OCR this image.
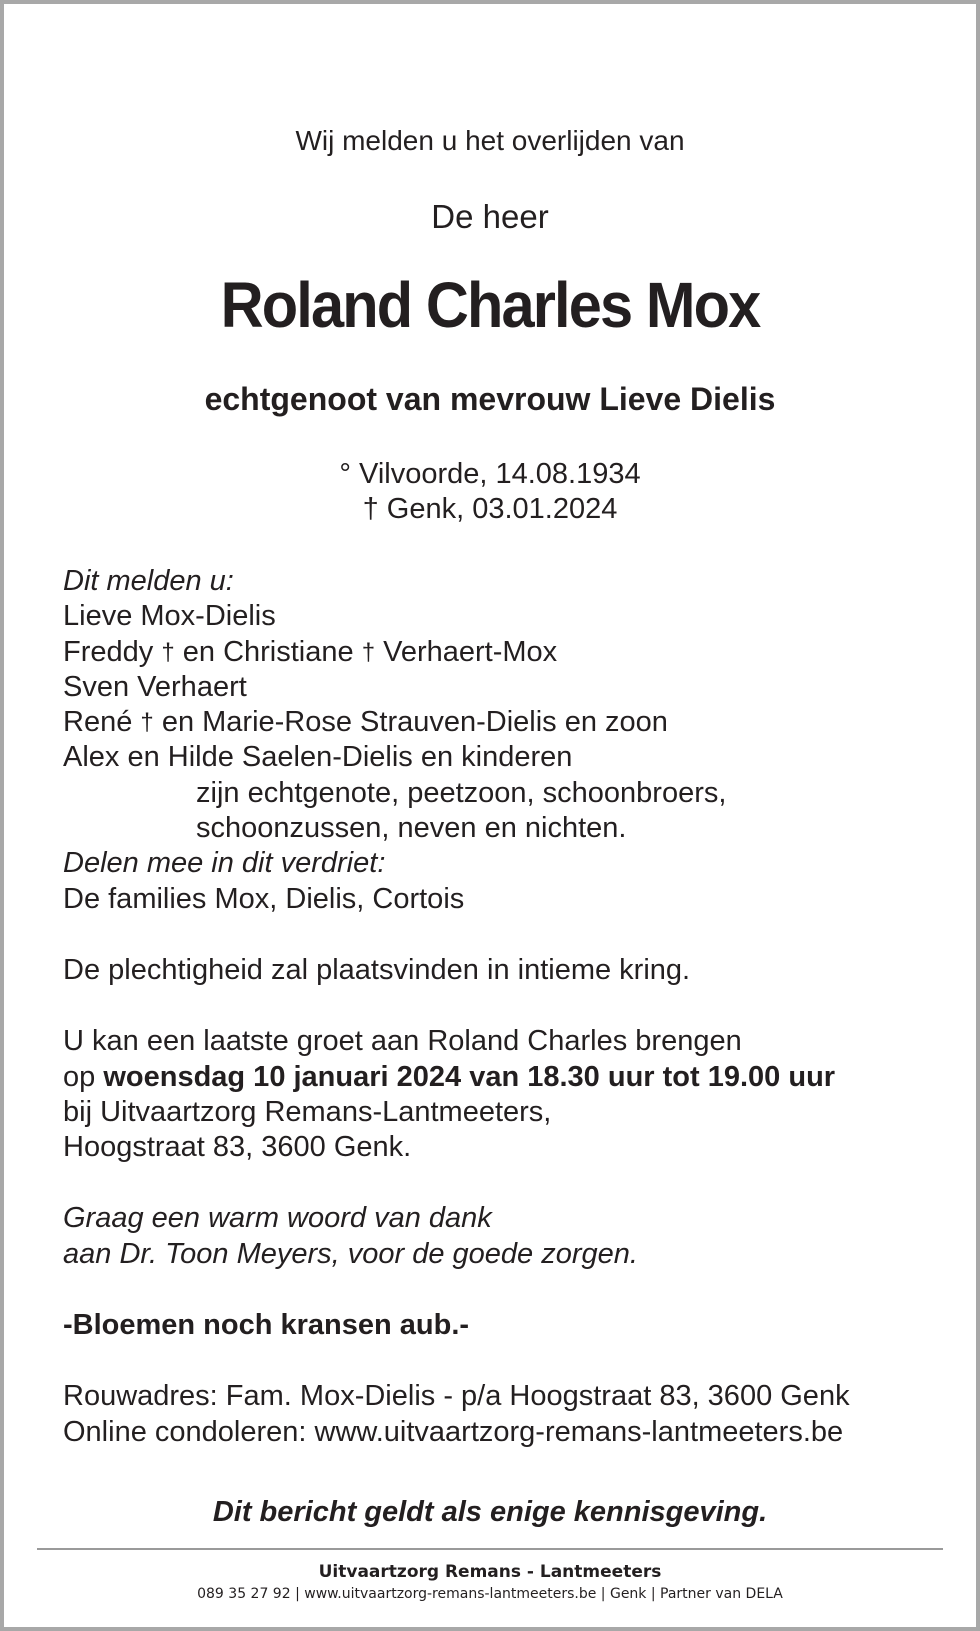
Wij melden u het overlijden van
De heer
Roland Charles Mox
echtgenoot van mevrouw Lieve Dielis
° Vilvoorde, 14.08.1934
† Genk, 03.01.2024
Dit melden u:
Lieve Mox-Dielis
Freddy † en Christiane † Verhaert-Mox
Sven Verhaert
René † en Marie-Rose Strauven-Dielis en zoon
Alex en Hilde Saelen-Dielis en kinderen
zijn echtgenote, peetzoon, schoonbroers,
schoonzussen, neven en nichten.
Delen mee in dit verdriet:
De families Mox, Dielis, Cortois
De plechtigheid zal plaatsvinden in intieme kring.
U kan een laatste groet aan Roland Charles brengen
op woensdag 10 januari 2024 van 18.30 uur tot 19.00 uur
bij Uitvaartzorg Remans-Lantmeeters,
Hoogstraat 83, 3600 Genk.
Graag een warm woord van dank
aan Dr. Toon Meyers, voor de goede zorgen.
-Bloemen noch kransen aub.-
Rouwadres: Fam. Mox-Dielis - p/a Hoogstraat 83, 3600 Genk
Online condoleren: www.uitvaartzorg-remans-lantmeeters.be
Dit bericht geldt als enige kennisgeving.
Uitvaartzorg Remans - Lantmeeters
089 35 27 92 | www.uitvaartzorg-remans-lantmeeters.be | Genk | Partner van DELA
